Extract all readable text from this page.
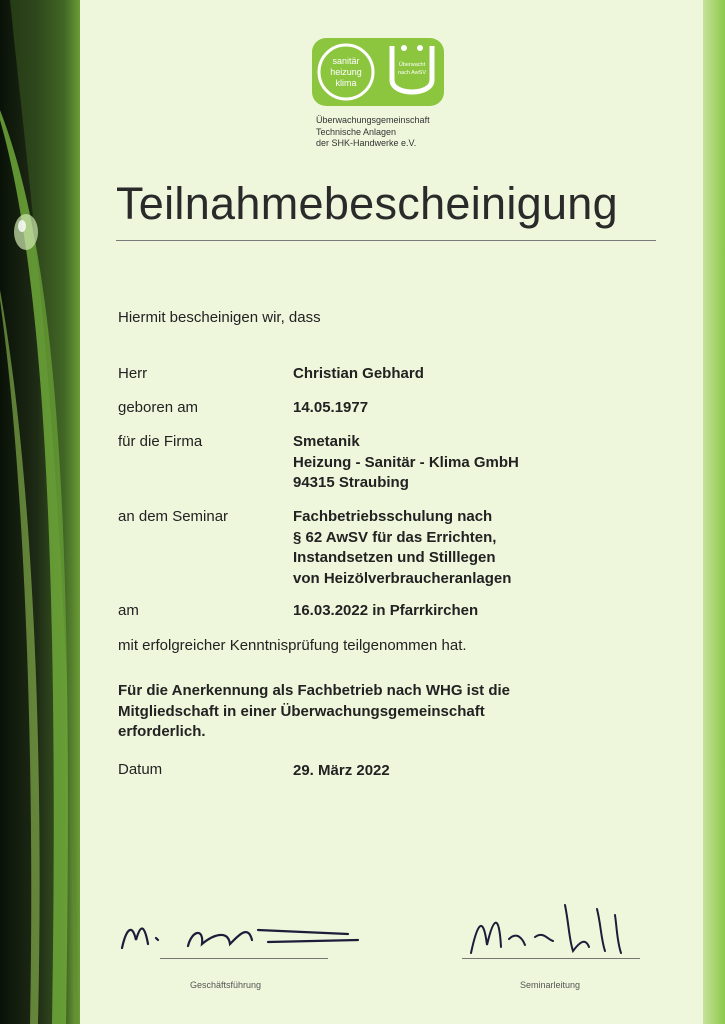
sanitär
heizung
klima
Überwacht
nach AwSV
Überwachungsgemeinschaft
Technische Anlagen
der SHK-Handwerke e.V.
Teilnahmebescheinigung
Hiermit bescheinigen wir, dass
Herr	Christian Gebhard
geboren am	14.05.1977
für die Firma	Smetanik
Heizung - Sanitär - Klima GmbH
94315 Straubing
an dem Seminar	Fachbetriebsschulung nach
§ 62 AwSV für das Errichten,
Instandsetzen und Stilllegen
von Heizölverbraucheranlagen
am	16.03.2022 in Pfarrkirchen
mit erfolgreicher Kenntnisprüfung teilgenommen hat.
Für die Anerkennung als Fachbetrieb nach WHG ist die
Mitgliedschaft in einer Überwachungsgemeinschaft
erforderlich.
Datum	29. März 2022
Geschäftsführung	Seminarleitung
